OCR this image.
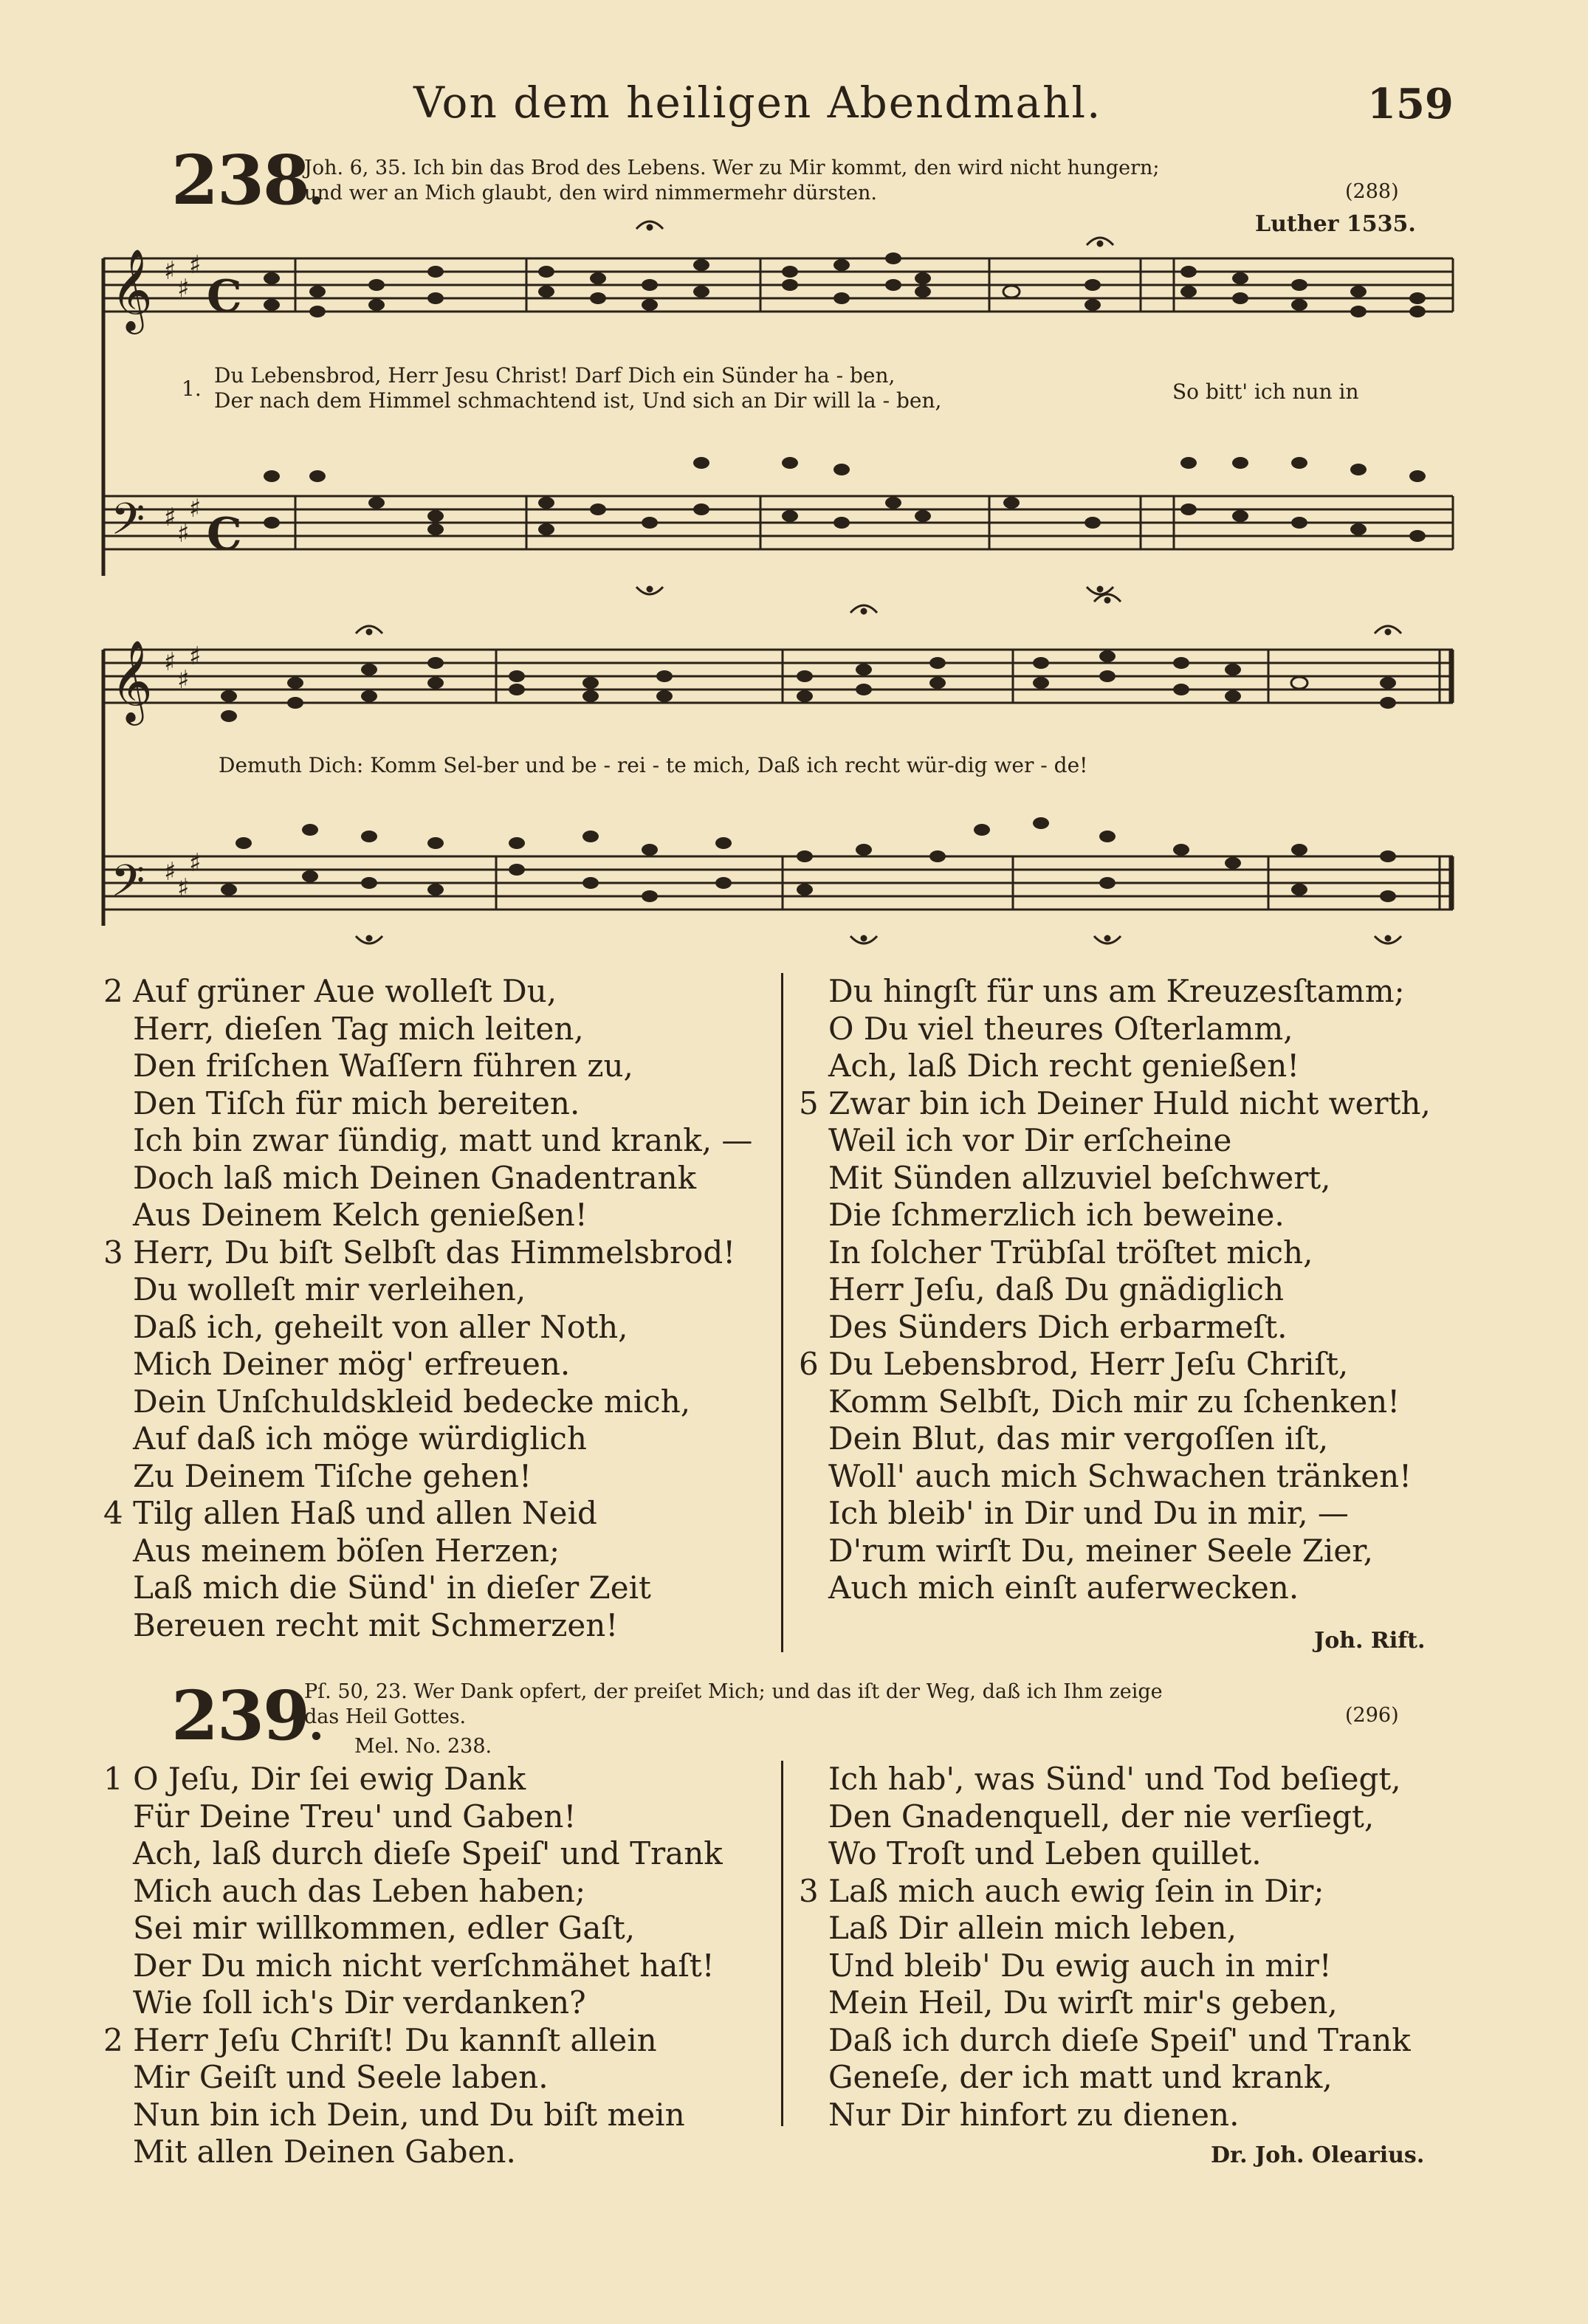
Von dem heiligen Abendmahl.	159
238 .
Joh. 6, 35. Ich bin das Brod des Lebens. Wer zu Mir kommt, den wird nicht hungern;
und wer an Mich glaubt, den wird nimmermehr dürsten.	(288)
Luther 1535.
𝄞
𝄞
𝄢
𝄢
♯
♯
♯
♯
♯
♯
♯
♯
♯
♯
♯
♯
C
C
1.
Du Lebensbrod, Herr Jesu Christ! Darf Dich ein Sünder ha - ben,
Der nach dem Himmel schmachtend ist, Und sich an Dir will la - ben,	So bitt' ich nun in
Demuth Dich: Komm Sel-ber und be - rei - te mich, Daß ich recht wür-dig wer - de!
2 Auf grüner Aue wolleſt Du,
Herr, dieſen Tag mich leiten,
Den friſchen Waſſern führen zu,
Den Tiſch für mich bereiten.
Ich bin zwar ſündig, matt und krank, —
Doch laß mich Deinen Gnadentrank
Aus Deinem Kelch genießen!
3 Herr, Du biſt Selbſt das Himmelsbrod!
Du wolleſt mir verleihen,
Daß ich, geheilt von aller Noth,
Mich Deiner mög' erfreuen.
Dein Unſchuldskleid bedecke mich,
Auf daß ich möge würdiglich
Zu Deinem Tiſche gehen!
4 Tilg allen Haß und allen Neid
Aus meinem böſen Herzen;
Laß mich die Sünd' in dieſer Zeit
Bereuen recht mit Schmerzen!
Du hingſt für uns am Kreuzesſtamm;
O Du viel theures Oſterlamm,
Ach, laß Dich recht genießen!
5 Zwar bin ich Deiner Huld nicht werth,
Weil ich vor Dir erſcheine
Mit Sünden allzuviel beſchwert,
Die ſchmerzlich ich beweine.
In ſolcher Trübſal tröſtet mich,
Herr Jeſu, daß Du gnädiglich
Des Sünders Dich erbarmeſt.
6 Du Lebensbrod, Herr Jeſu Chriſt,
Komm Selbſt, Dich mir zu ſchenken!
Dein Blut, das mir vergoſſen iſt,
Woll' auch mich Schwachen tränken!
Ich bleib' in Dir und Du in mir, —
D'rum wirſt Du, meiner Seele Zier,
Auch mich einſt auferwecken.
Joh. Rift.
239 .
Pſ. 50, 23. Wer Dank opfert, der preiſet Mich; und das iſt der Weg, daß ich Ihm zeige
das Heil Gottes.	(296)
Mel. No. 238.
1 O Jeſu, Dir ſei ewig Dank
Für Deine Treu' und Gaben!
Ach, laß durch dieſe Speiſ' und Trank
Mich auch das Leben haben;
Sei mir willkommen, edler Gaſt,
Der Du mich nicht verſchmähet haſt!
Wie ſoll ich's Dir verdanken?
2 Herr Jeſu Chriſt! Du kannſt allein
Mir Geiſt und Seele laben.
Nun bin ich Dein, und Du biſt mein
Mit allen Deinen Gaben.
Ich hab', was Sünd' und Tod beſiegt,
Den Gnadenquell, der nie verſiegt,
Wo Troſt und Leben quillet.
3 Laß mich auch ewig ſein in Dir;
Laß Dir allein mich leben,
Und bleib' Du ewig auch in mir!
Mein Heil, Du wirſt mir's geben,
Daß ich durch dieſe Speiſ' und Trank
Geneſe, der ich matt und krank,
Nur Dir hinfort zu dienen.
Dr. Joh. Olearius.
